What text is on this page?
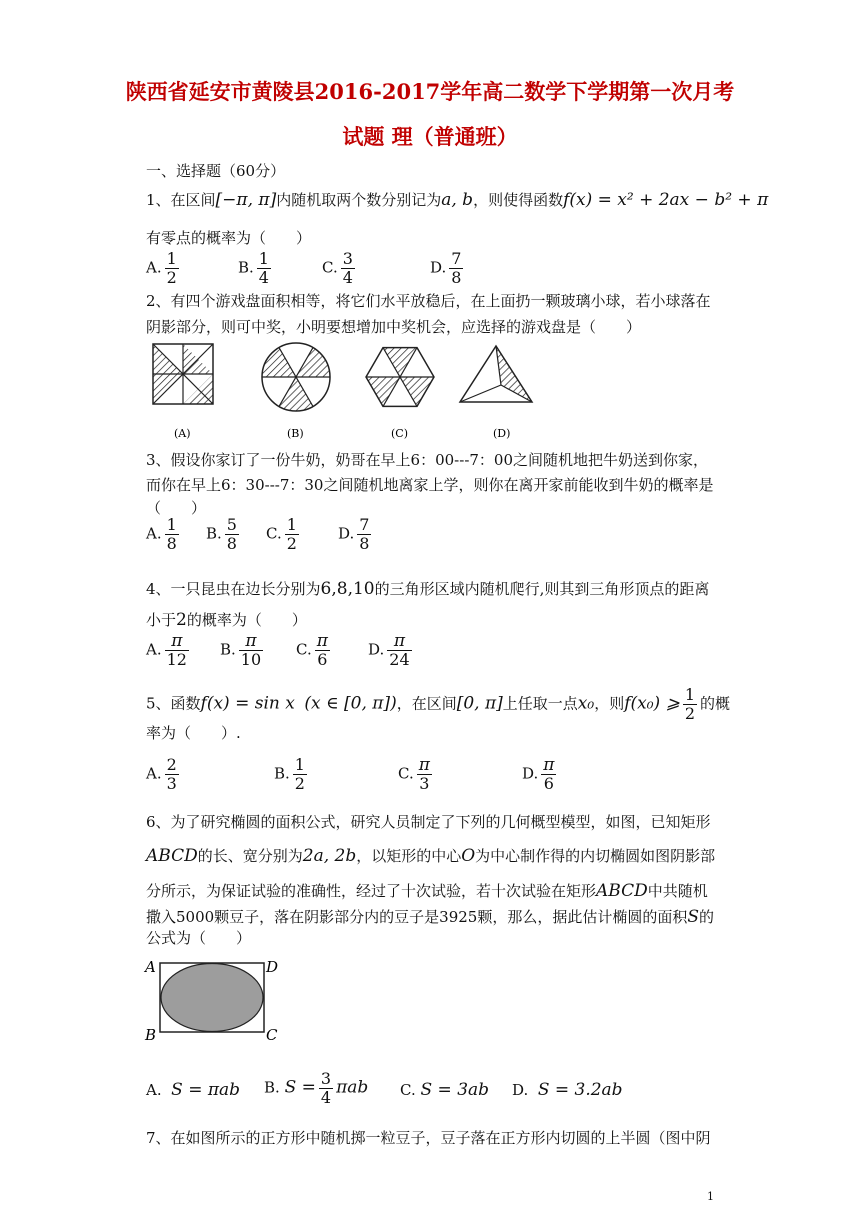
陕西省延安市黄陵县2016-2017学年高二数学下学期第一次月考
试题 理（普通班）
一、选择题（60分）
1、在区间[−π, π]内随机取两个数分别记为a, b，则使得函数f(x) = x² + 2ax − b² + π
有零点的概率为（　　）
A. $\frac{1}{2}$	B. $\frac{1}{4}$	C. $\frac{3}{4}$	D. $\frac{7}{8}$
2、有四个游戏盘面积相等，将它们水平放稳后，在上面扔一颗玻璃小球，若小球落在
阴影部分，则可中奖，小明要想增加中奖机会，应选择的游戏盘是（　　）
(A)	(B)	(C)	(D)
3、假设你家订了一份牛奶，奶哥在早上6：00---7：00之间随机地把牛奶送到你家，
而你在早上6：30---7：30之间随机地离家上学，则你在离开家前能收到牛奶的概率是
（　　）
A. $\frac{1}{8} B$. $\frac{5}{8} C$. $\frac{1}{2}$	D. $\frac{7}{8}$
4、一只昆虫在边长分别为6,8,10的三角形区域内随机爬行,则其到三角形顶点的距离
小于2的概率为（　　）
A. $\frac{\pi}{12} B$. $\frac{\pi}{10} C$. $\frac{\pi}{6}$	D. $\frac{\pi}{24}$
5、函数f(x) = sin x (x ∈ [0, π])，在区间[0, π]上任取一点x₀，则f(x₀) ⩾ $\frac{1}{2}$ 的概
率为（　　）.
A. $\frac{2}{3}$	B. $\frac{1}{2}$	C. $\frac{\pi}{3}$	D. $\frac{\pi}{6}$
6、为了研究椭圆的面积公式，研究人员制定了下列的几何概型模型，如图，已知矩形
ABCD的长、宽分别为2a, 2b，以矩形的中心O为中心制作得的内切椭圆如图阴影部
分所示，为保证试验的准确性，经过了十次试验，若十次试验在矩形ABCD中共随机
撒入5000颗豆子，落在阴影部分内的豆子是3925颗，那么，据此估计椭圆的面积S的
公式为（　　）
A	D
B	C
A. S = πab B. $S = \frac{3}{4}$ πab C. S = 3ab D. S = 3.2ab
7、在如图所示的正方形中随机掷一粒豆子，豆子落在正方形内切圆的上半圆（图中阴
1
